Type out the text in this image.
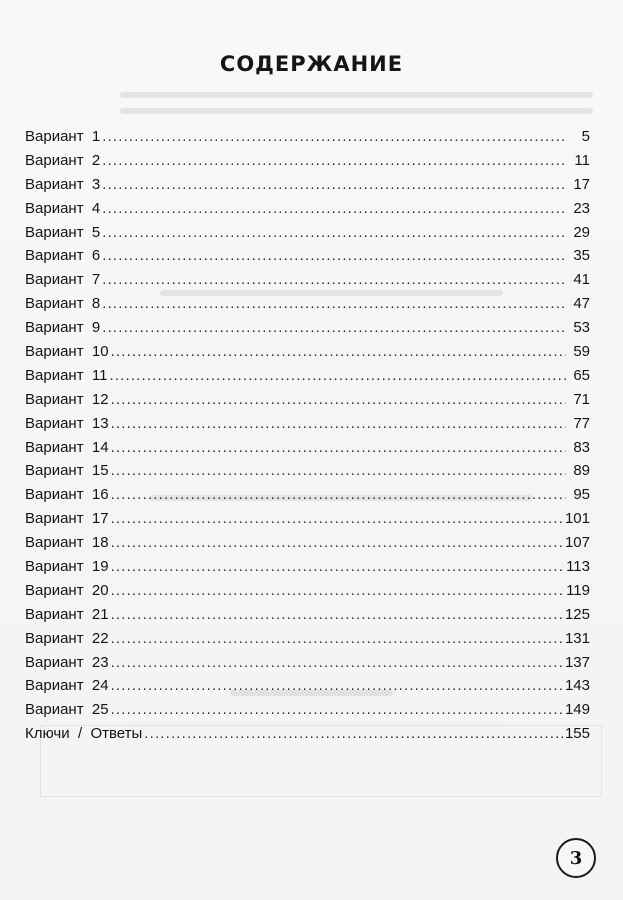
СОДЕРЖАНИЕ
Вариант  1 . . .	5
Вариант  2 . . .	11
Вариант  3 . . .	17
Вариант  4 . . .	23
Вариант  5 . . .	29
Вариант  6 . . .	35
Вариант  7 . . .	41
Вариант  8 . . .	47
Вариант  9 . . .	53
Вариант  10 . . .	59
Вариант  11 . . .	65
Вариант  12 . . .	71
Вариант  13 . . .	77
Вариант  14 . . .	83
Вариант  15 . . .	89
Вариант  16 . . .	95
Вариант  17 . . .	101
Вариант  18 . . .	107
Вариант  19 . . .	113
Вариант  20 . . .	119
Вариант  21 . . .	125
Вариант  22 . . .	131
Вариант  23 . . .	137
Вариант  24 . . .	143
Вариант  25 . . .	149
Ключи  /  Ответы . . .	155
3
